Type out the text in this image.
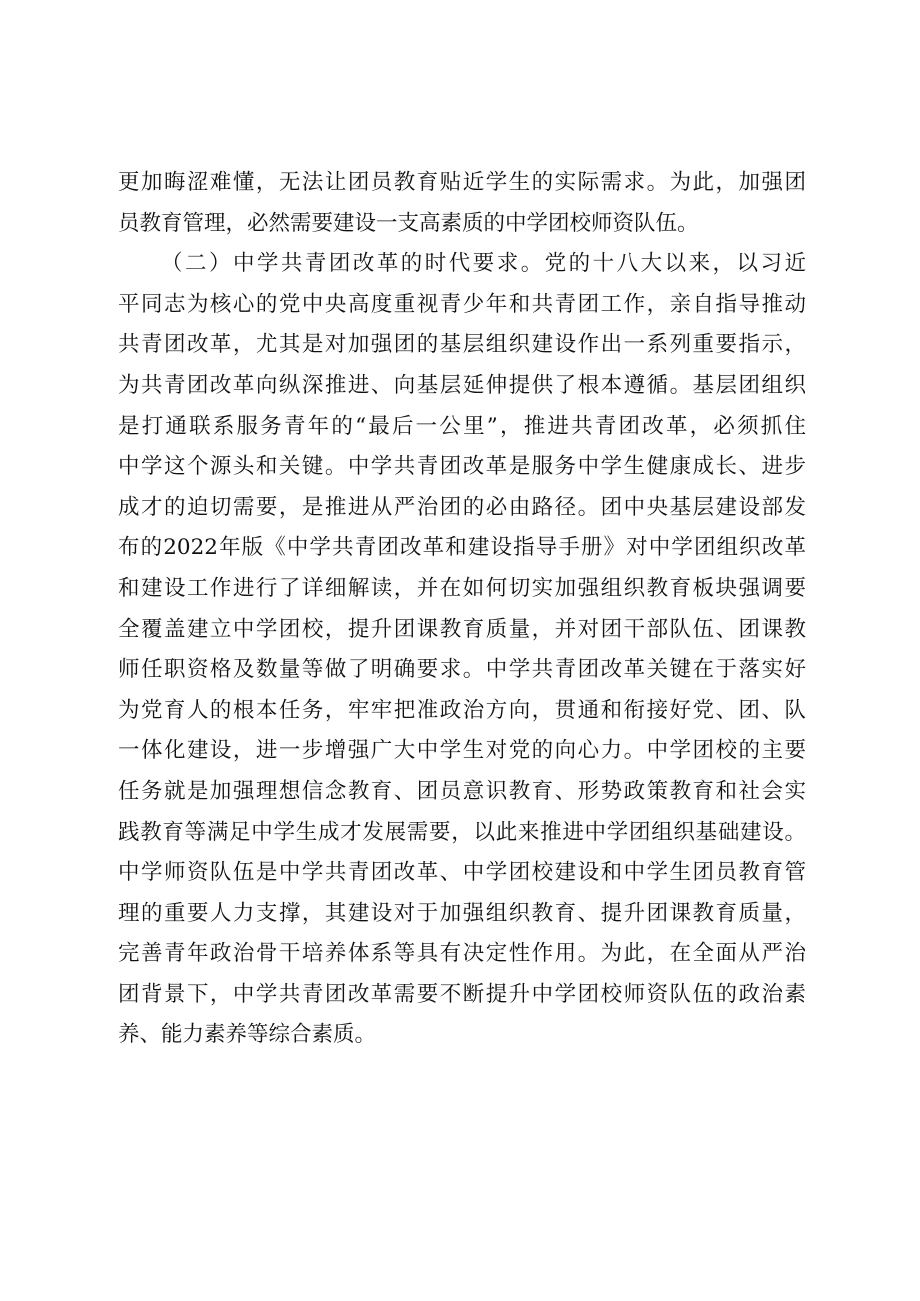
更加晦涩难懂，无法让团员教育贴近学生的实际需求。为此，加强团
员教育管理，必然需要建设一支高素质的中学团校师资队伍。
（二）中学共青团改革的时代要求。党的十八大以来，以习近
平同志为核心的党中央高度重视青少年和共青团工作，亲自指导推动
共青团改革，尤其是对加强团的基层组织建设作出一系列重要指示，
为共青团改革向纵深推进、向基层延伸提供了根本遵循。基层团组织
是打通联系服务青年的“最后一公里”，推进共青团改革，必须抓住
中学这个源头和关键。中学共青团改革是服务中学生健康成长、进步
成才的迫切需要，是推进从严治团的必由路径。团中央基层建设部发
布的2022年版《中学共青团改革和建设指导手册》对中学团组织改革
和建设工作进行了详细解读，并在如何切实加强组织教育板块强调要
全覆盖建立中学团校，提升团课教育质量，并对团干部队伍、团课教
师任职资格及数量等做了明确要求。中学共青团改革关键在于落实好
为党育人的根本任务，牢牢把准政治方向，贯通和衔接好党、团、队
一体化建设，进一步增强广大中学生对党的向心力。中学团校的主要
任务就是加强理想信念教育、团员意识教育、形势政策教育和社会实
践教育等满足中学生成才发展需要，以此来推进中学团组织基础建设。
中学师资队伍是中学共青团改革、中学团校建设和中学生团员教育管
理的重要人力支撑，其建设对于加强组织教育、提升团课教育质量，
完善青年政治骨干培养体系等具有决定性作用。为此，在全面从严治
团背景下，中学共青团改革需要不断提升中学团校师资队伍的政治素
养、能力素养等综合素质。
